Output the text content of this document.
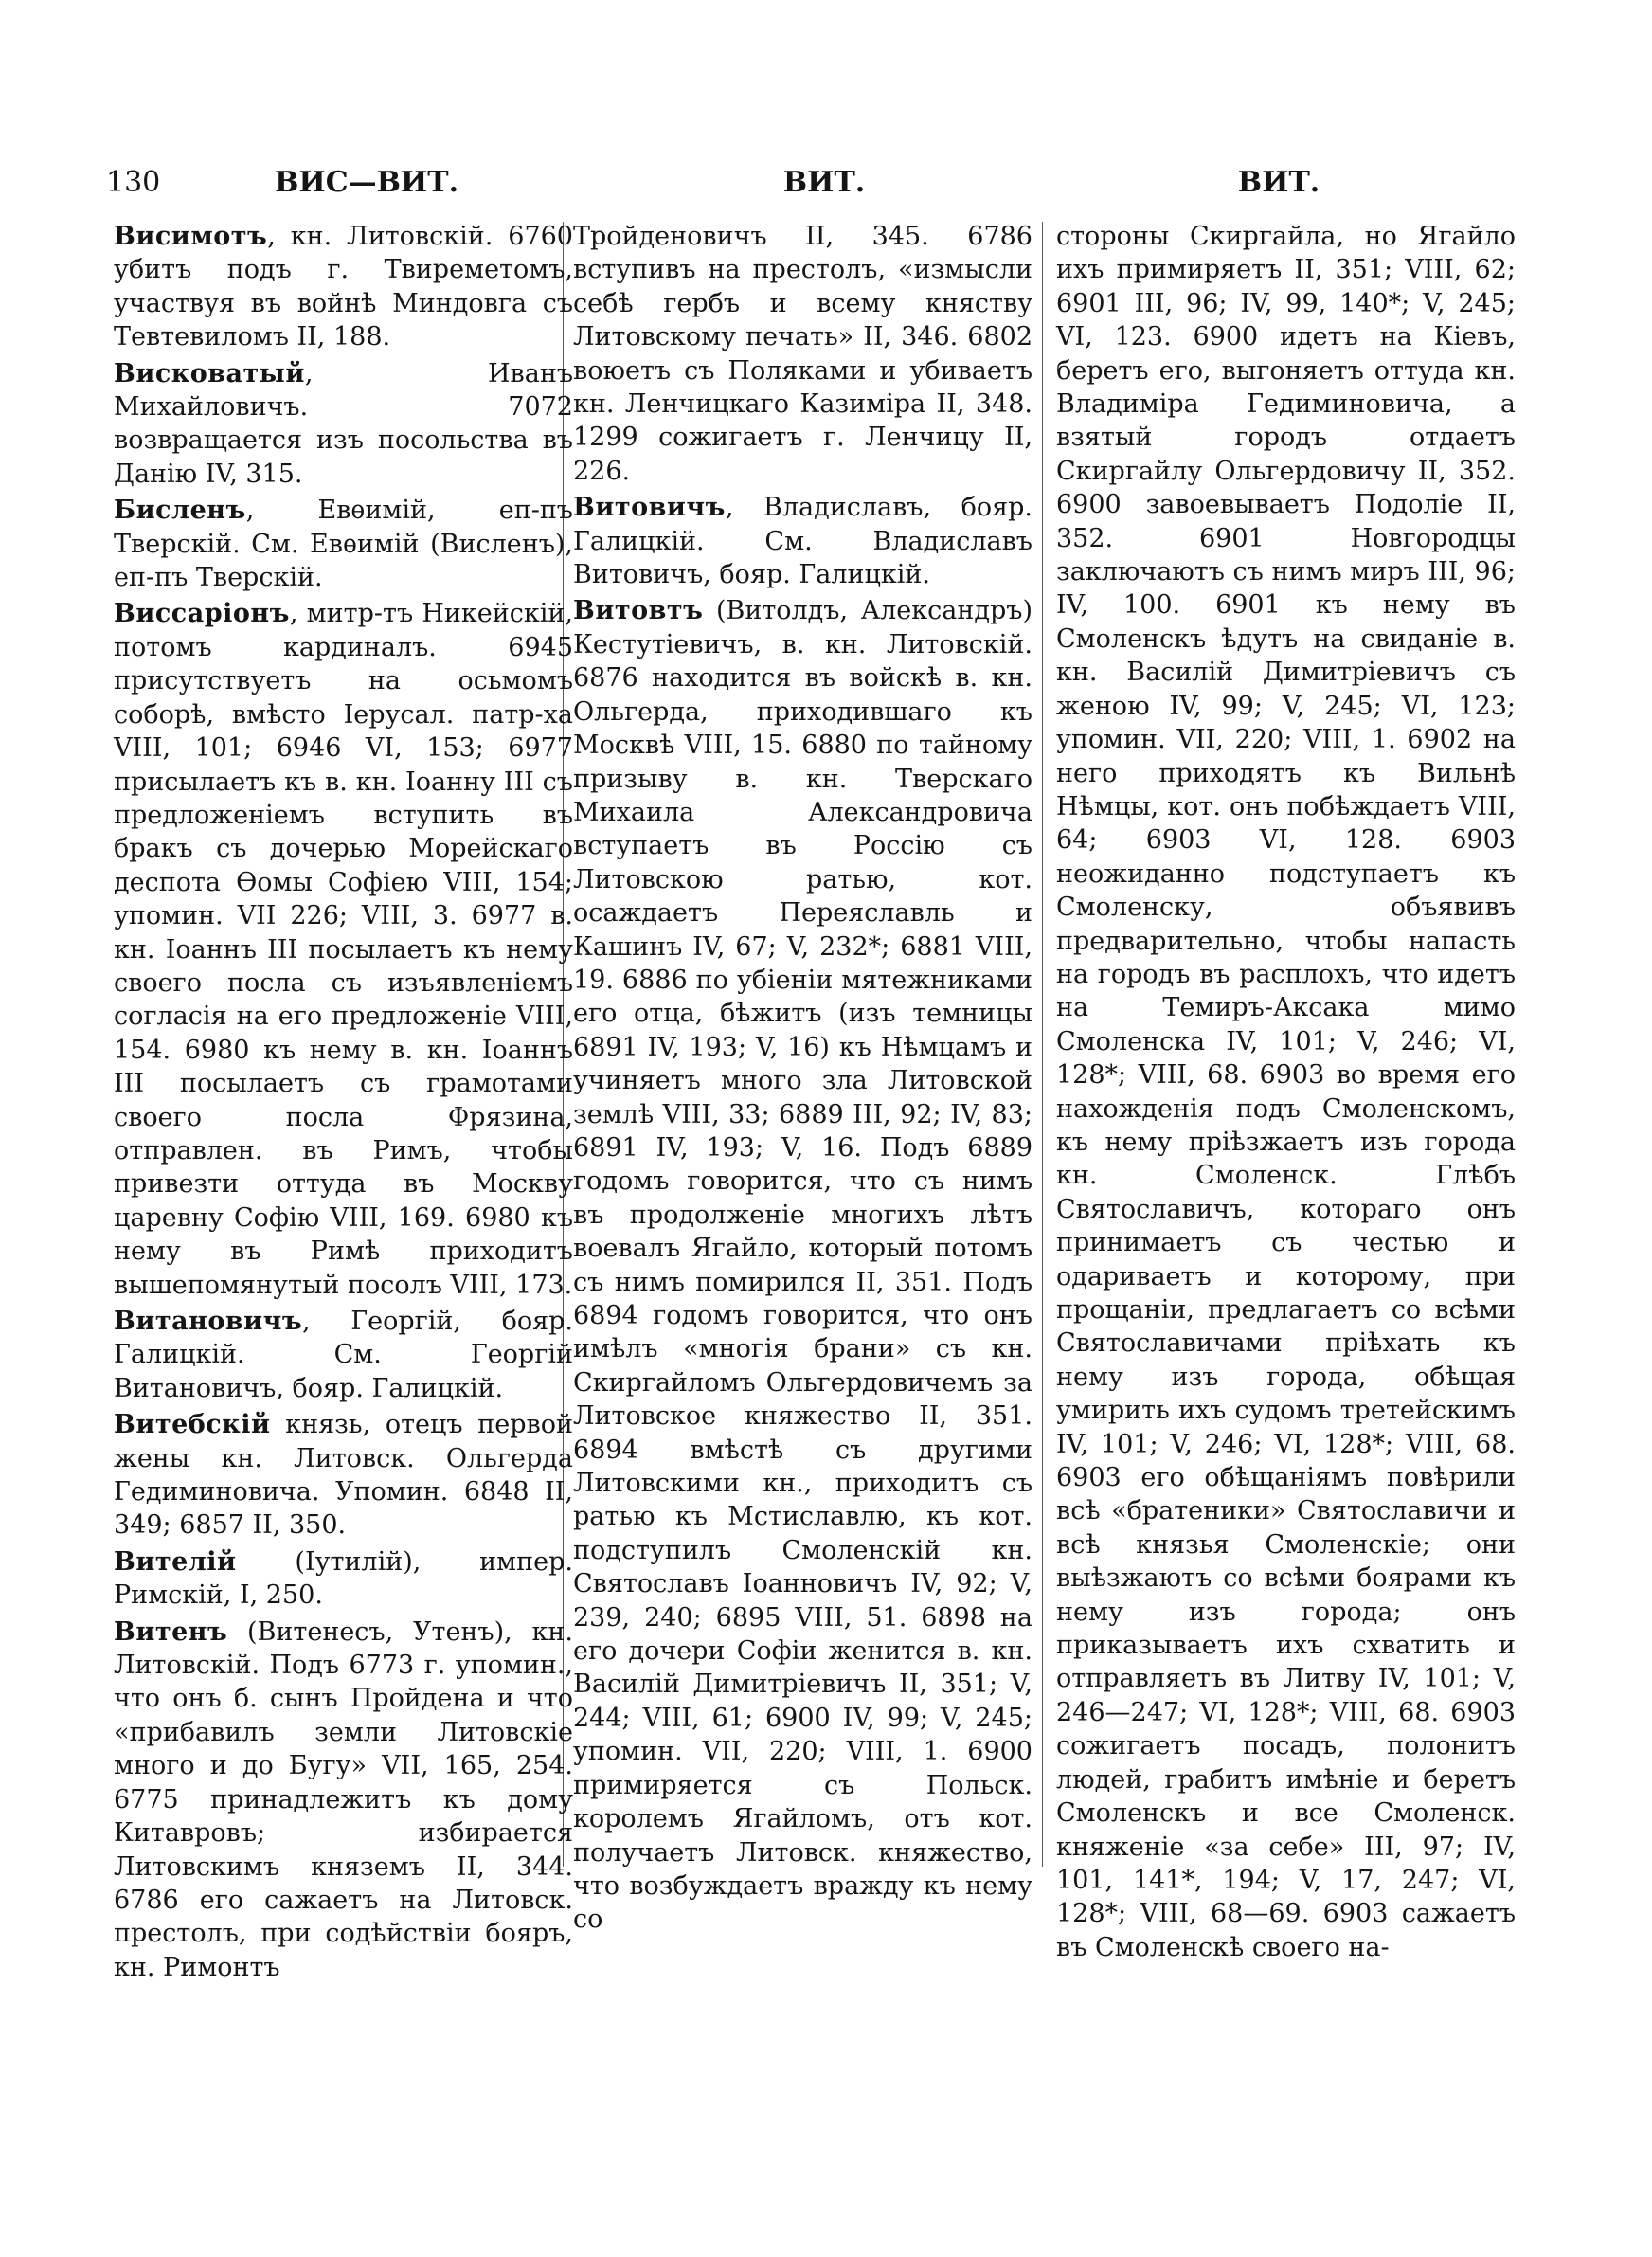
130	ВИС—ВИТ.	ВИТ.	ВИТ.

Висимотъ, кн. Литовскій. 6760 убитъ подъ г. Твиреметомъ, участвуя въ войнѣ Миндовга съ Тевтевиломъ II, 188.

Висковатый, Иванъ Михайловичъ. 7072 возвращается изъ посольства въ Данію IV, 315.

Бисленъ, Евѳимій, еп-пъ Тверскій. См. Евѳимій (Висленъ), еп-пъ Тверскій.

Виссаріонъ, митр-тъ Никейскій, потомъ кардиналъ. 6945 присутствуетъ на осьмомъ соборѣ, вмѣсто Іерусал. патр-ха VIII, 101; 6946 VI, 153; 6977 присылаетъ къ в. кн. Іоанну III съ предложеніемъ вступить въ бракъ съ дочерью Морейскаго деспота Ѳомы Софіею VIII, 154; упомин. VII 226; VIII, 3. 6977 в. кн. Іоаннъ III посылаетъ къ нему своего посла съ изъявленіемъ согласія на его предложеніе VIII, 154. 6980 къ нему в. кн. Іоаннъ III посылаетъ съ грамотами своего посла Фрязина, отправлен. въ Римъ, чтобы привезти оттуда въ Москву царевну Софію VIII, 169. 6980 къ нему въ Римѣ приходитъ вышепомянутый посолъ VIII, 173.

Витановичъ, Георгій, бояр. Галицкій. См. Георгій Витановичъ, бояр. Галицкій.

Витебскій князь, отецъ первой жены кн. Литовск. Ольгерда Гедиминовича. Упомин. 6848 II, 349; 6857 II, 350.

Вителій (Іутилій), импер. Римскій, I, 250.

Витенъ (Витенесъ, Утенъ), кн. Литовскій. Подъ 6773 г. упомин., что онъ б. сынъ Пройдена и что «прибавилъ земли Литовскіе много и до Бугу» VII, 165, 254. 6775 принадлежитъ къ дому Китавровъ; избирается Литовскимъ княземъ II, 344. 6786 его сажаетъ на Литовск. престолъ, при содѣйствіи бояръ, кн. Римонтъ

Тройденовичъ II, 345. 6786 вступивъ на престолъ, «измысли себѣ гербъ и всему княству Литовскому печать» II, 346. 6802 воюетъ съ Поляками и убиваетъ кн. Ленчицкаго Казиміра II, 348. 1299 сожигаетъ г. Ленчицу II, 226.

Витовичъ, Владиславъ, бояр. Галицкій. См. Владиславъ Витовичъ, бояр. Галицкій.

Витовтъ (Витолдъ, Александръ) Кестутіевичъ, в. кн. Литовскій. 6876 находится въ войскѣ в. кн. Ольгерда, приходившаго къ Москвѣ VIII, 15. 6880 по тайному призыву в. кн. Тверскаго Михаила Александровича вступаетъ въ Россію съ Литовскою ратью, кот. осаждаетъ Переяславль и Кашинъ IV, 67; V, 232*; 6881 VIII, 19. 6886 по убіеніи мятежниками его отца, бѣжитъ (изъ темницы 6891 IV, 193; V, 16) къ Нѣмцамъ и учиняетъ много зла Литовской землѣ VIII, 33; 6889 III, 92; IV, 83; 6891 IV, 193; V, 16. Подъ 6889 годомъ говорится, что съ нимъ въ продолженіе многихъ лѣтъ воевалъ Ягайло, который потомъ съ нимъ помирился II, 351. Подъ 6894 годомъ говорится, что онъ имѣлъ «многія брани» съ кн. Скиргайломъ Ольгердовичемъ за Литовское княжество II, 351. 6894 вмѣстѣ съ другими Литовскими кн., приходитъ съ ратью къ Мстиславлю, къ кот. подступилъ Смоленскій кн. Святославъ Іоанновичъ IV, 92; V, 239, 240; 6895 VIII, 51. 6898 на его дочери Софіи женится в. кн. Василій Димитріевичъ II, 351; V, 244; VIII, 61; 6900 IV, 99; V, 245; упомин. VII, 220; VIII, 1. 6900 примиряется съ Польск. королемъ Ягайломъ, отъ кот. получаетъ Литовск. княжество, что возбуждаетъ вражду къ нему со

стороны Скиргайла, но Ягайло ихъ примиряетъ II, 351; VIII, 62; 6901 III, 96; IV, 99, 140*; V, 245; VI, 123. 6900 идетъ на Кіевъ, беретъ его, выгоняетъ оттуда кн. Владиміра Гедиминовича, а взятый городъ отдаетъ Скиргайлу Ольгердовичу II, 352. 6900 завоевываетъ Подоліе II, 352. 6901 Новгородцы заключаютъ съ нимъ миръ III, 96; IV, 100. 6901 къ нему въ Смоленскъ ѣдутъ на свиданіе в. кн. Василій Димитріевичъ съ женою IV, 99; V, 245; VI, 123; упомин. VII, 220; VIII, 1. 6902 на него приходятъ къ Вильнѣ Нѣмцы, кот. онъ побѣждаетъ VIII, 64; 6903 VI, 128. 6903 неожиданно подступаетъ къ Смоленску, объявивъ предварительно, чтобы напасть на городъ въ расплохъ, что идетъ на Темиръ-Аксака мимо Смоленска IV, 101; V, 246; VI, 128*; VIII, 68. 6903 во время его нахожденія подъ Смоленскомъ, къ нему пріѣзжаетъ изъ города кн. Смоленск. Глѣбъ Святославичъ, котораго онъ принимаетъ съ честью и одариваетъ и которому, при прощаніи, предлагаетъ со всѣми Святославичами пріѣхать къ нему изъ города, обѣщая умирить ихъ судомъ третейскимъ IV, 101; V, 246; VI, 128*; VIII, 68. 6903 его обѣщаніямъ повѣрили всѣ «братеники» Святославичи и всѣ князья Смоленскіе; они выѣзжаютъ со всѣми боярами къ нему изъ города; онъ приказываетъ ихъ схватить и отправляетъ въ Литву IV, 101; V, 246—247; VI, 128*; VIII, 68. 6903 сожигаетъ посадъ, полонитъ людей, грабитъ имѣніе и беретъ Смоленскъ и все Смоленск. княженіе «за себе» III, 97; IV, 101, 141*, 194; V, 17, 247; VI, 128*; VIII, 68—69. 6903 сажаетъ въ Смоленскѣ своего на-
